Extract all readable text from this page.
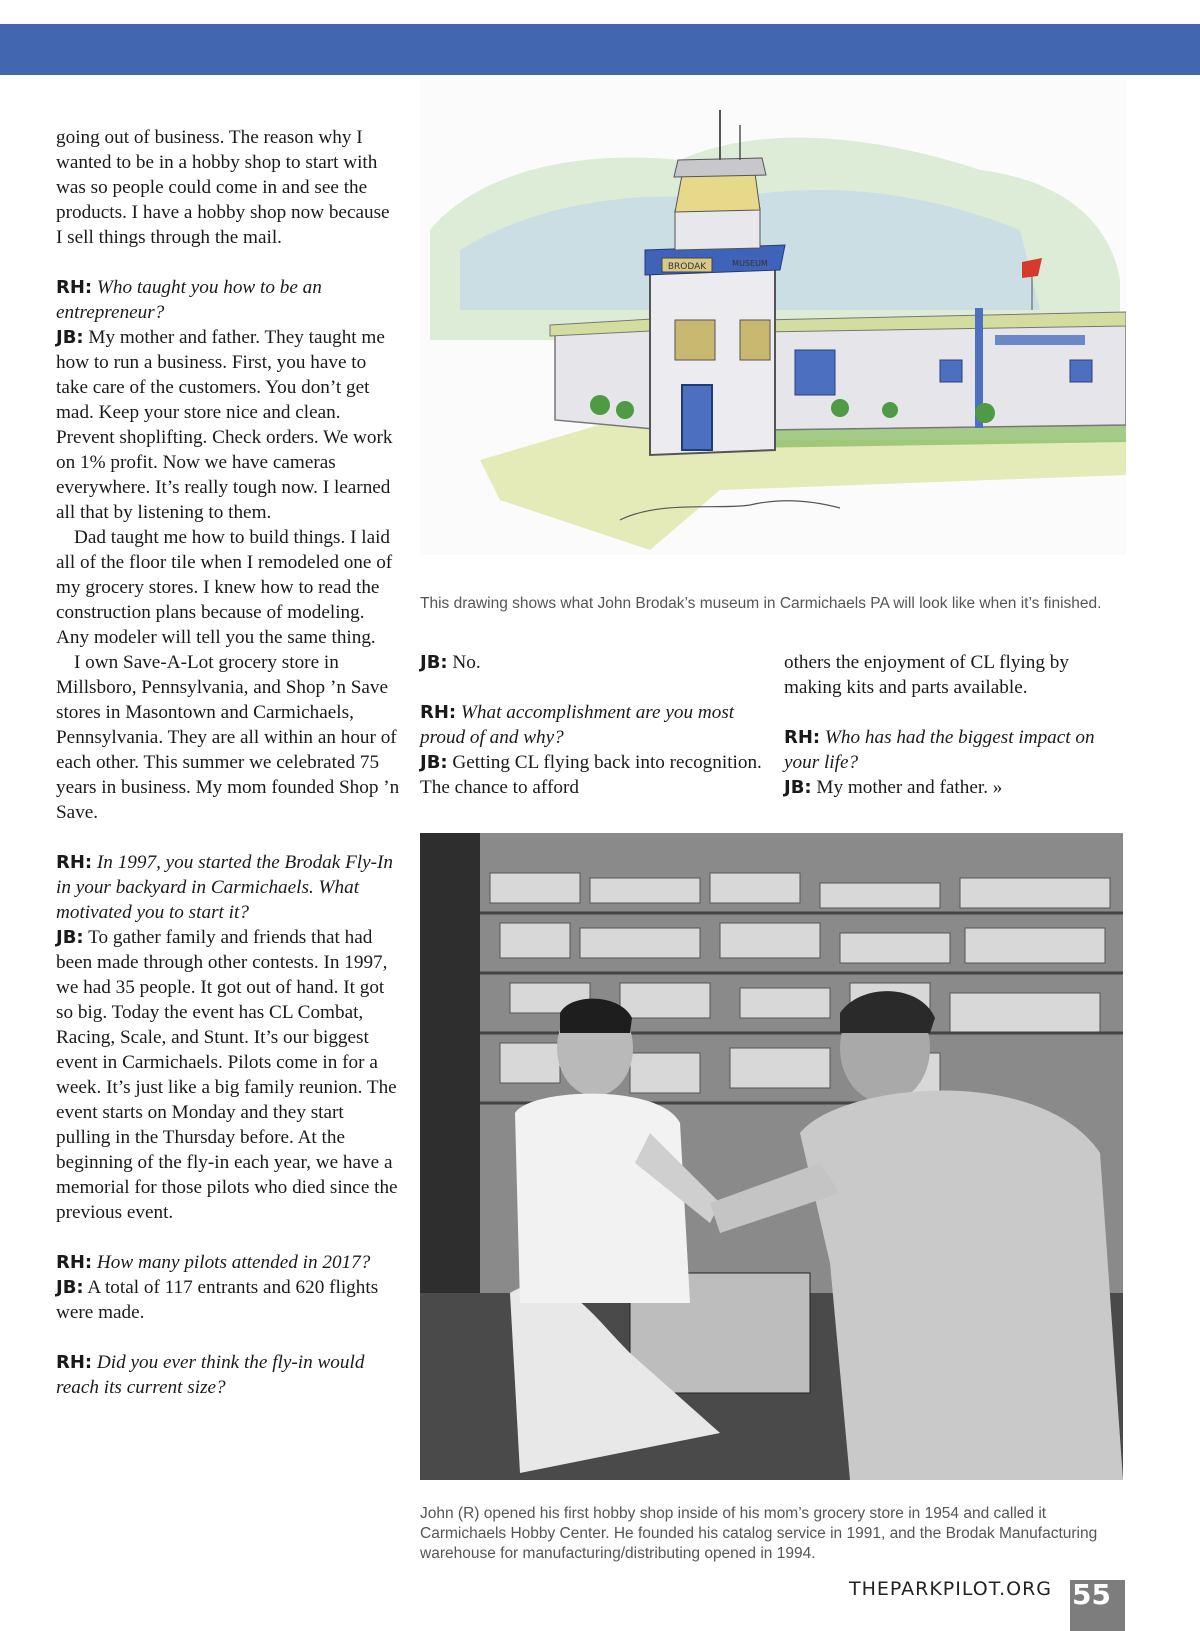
going out of business. The reason why I wanted to be in a hobby shop to start with was so people could come in and see the products. I have a hobby shop now because I sell things through the mail.

RH: Who taught you how to be an entrepreneur?

JB: My mother and father. They taught me how to run a business. First, you have to take care of the customers. You don’t get mad. Keep your store nice and clean. Prevent shoplifting. Check orders. We work on 1% profit. Now we have cameras everywhere. It’s really tough now. I learned all that by listening to them.

Dad taught me how to build things. I laid all of the floor tile when I remodeled one of my grocery stores. I knew how to read the construction plans because of modeling. Any modeler will tell you the same thing.

I own Save-A-Lot grocery store in Millsboro, Pennsylvania, and Shop ’n Save stores in Masontown and Carmichaels, Pennsylvania. They are all within an hour of each other. This summer we celebrated 75 years in business. My mom founded Shop ’n Save.

RH: In 1997, you started the Brodak Fly-In in your backyard in Carmichaels. What motivated you to start it?

JB: To gather family and friends that had been made through other contests. In 1997, we had 35 people. It got out of hand. It got so big. Today the event has CL Combat, Racing, Scale, and Stunt. It’s our biggest event in Carmichaels. Pilots come in for a week. It’s just like a big family reunion. The event starts on Monday and they start pulling in the Thursday before. At the beginning of the fly-in each year, we have a memorial for those pilots who died since the previous event.

RH: How many pilots attended in 2017?

JB: A total of 117 entrants and 620 flights were made.

RH: Did you ever think the fly-in would reach its current size?

BRODAK	MUSEUM

This drawing shows what John Brodak’s museum in Carmichaels PA will look like when it’s finished.

JB: No.

RH: What accomplishment are you most proud of and why?

JB: Getting CL flying back into recognition. The chance to afford

others the enjoyment of CL flying by making kits and parts available.

RH: Who has had the biggest impact on your life?

JB: My mother and father. »

John (R) opened his first hobby shop inside of his mom’s grocery store in 1954 and called it Carmichaels Hobby Center. He founded his catalog service in 1991, and the Brodak Manufacturing warehouse for manufacturing/distributing opened in 1994.

THEPARKPILOT.ORG 55
